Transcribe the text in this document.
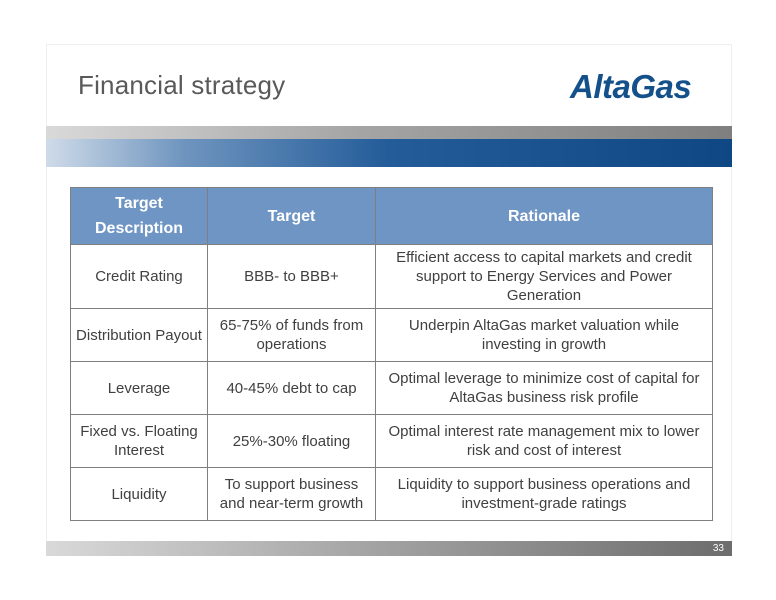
Financial strategy	AltaGas
Target Description	Target	Rationale
Credit Rating	BBB- to BBB+	Efficient access to capital markets and credit support to Energy Services and Power Generation
Distribution Payout	65-75% of funds from operations	Underpin AltaGas market valuation while investing in growth
Leverage	40-45% debt to cap	Optimal leverage to minimize cost of capital for AltaGas business risk profile
Fixed vs. Floating Interest	25%-30% floating	Optimal interest rate management mix to lower risk and cost of interest
Liquidity	To support business and near-term growth	Liquidity to support business operations and investment-grade ratings
33
